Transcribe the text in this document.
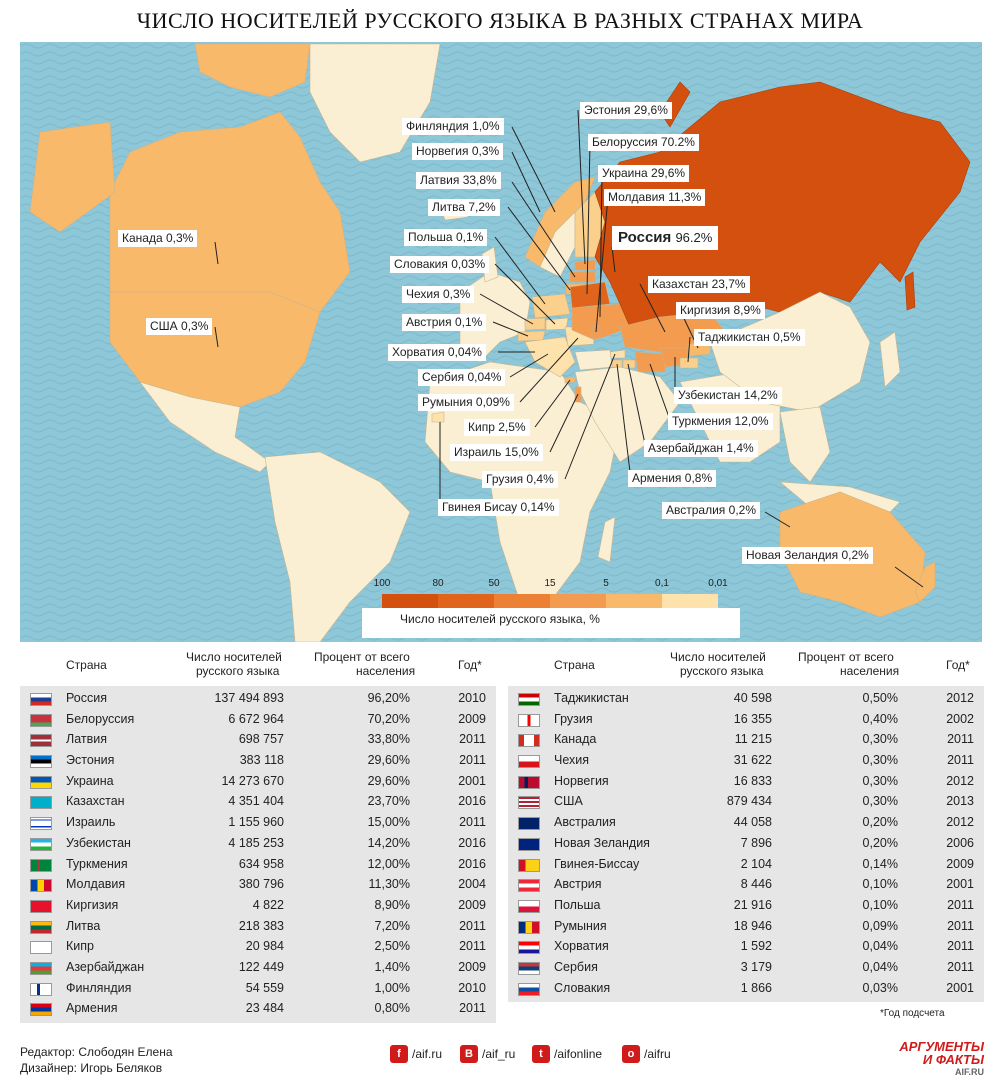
ЧИСЛО НОСИТЕЛЕЙ РУССКОГО ЯЗЫКА В РАЗНЫХ СТРАНАХ МИРА
Канада 0,3%
США 0,3%
Финляндия 1,0%
Норвегия 0,3%
Латвия 33,8%
Литва 7,2%
Польша 0,1%
Словакия 0,03%
Чехия 0,3%
Австрия 0,1%
Хорватия 0,04%
Сербия 0,04%
Румыния 0,09%
Кипр 2,5%
Израиль 15,0%
Грузия 0,4%
Гвинея Бисау 0,14%
Эстония 29,6%
Белоруссия 70.2%
Украина 29,6%
Молдавия 11,3%
Россия 96.2%
Казахстан 23,7%
Киргизия 8,9%
Таджикистан 0,5%
Узбекистан 14,2%
Туркмения 12,0%
Азербайджан 1,4%
Армения 0,8%
Австралия 0,2%
Новая Зеландия 0,2%
100	80	50	15	5	0,1	0,01
Число носителей русского языка, %
Страна
Число носителей
русского языка
Процент от всего
населения	Год*
Россия	137 494 893	96,20%	2010
Белоруссия	6 672 964	70,20%	2009
Латвия	698 757	33,80%	2011
Эстония	383 118	29,60%	2011
Украина	14 273 670	29,60%	2001
Казахстан	4 351 404	23,70%	2016
Израиль	1 155 960	15,00%	2011
Узбекистан	4 185 253	14,20%	2016
Туркмения	634 958	12,00%	2016
Молдавия	380 796	11,30%	2004
Киргизия	4 822	8,90%	2009
Литва	218 383	7,20%	2011
Кипр	20 984	2,50%	2011
Азербайджан	122 449	1,40%	2009
Финляндия	54 559	1,00%	2010
Армения	23 484	0,80%	2011
Страна
Число носителей
русского языка
Процент от всего
населения	Год*
Таджикистан	40 598	0,50%	2012
Грузия	16 355	0,40%	2002
Канада	11 215	0,30%	2011
Чехия	31 622	0,30%	2011
Норвегия	16 833	0,30%	2012
США	879 434	0,30%	2013
Австралия	44 058	0,20%	2012
Новая Зеландия	7 896	0,20%	2006
Гвинея-Биссау	2 104	0,14%	2009
Австрия	8 446	0,10%	2001
Польша	21 916	0,10%	2011
Румыния	18 946	0,09%	2011
Хорватия	1 592	0,04%	2011
Сербия	3 179	0,04%	2011
Словакия	1 866	0,03%	2001
*Год подсчета
Редактор: Слободян Елена
Дизайнер: Игорь Беляков
f /aif.ru	B /aif_ru	t /aifonline	o /aifru	АРГУМЕНТЫ
И ФАКТЫ
AIF.RU
